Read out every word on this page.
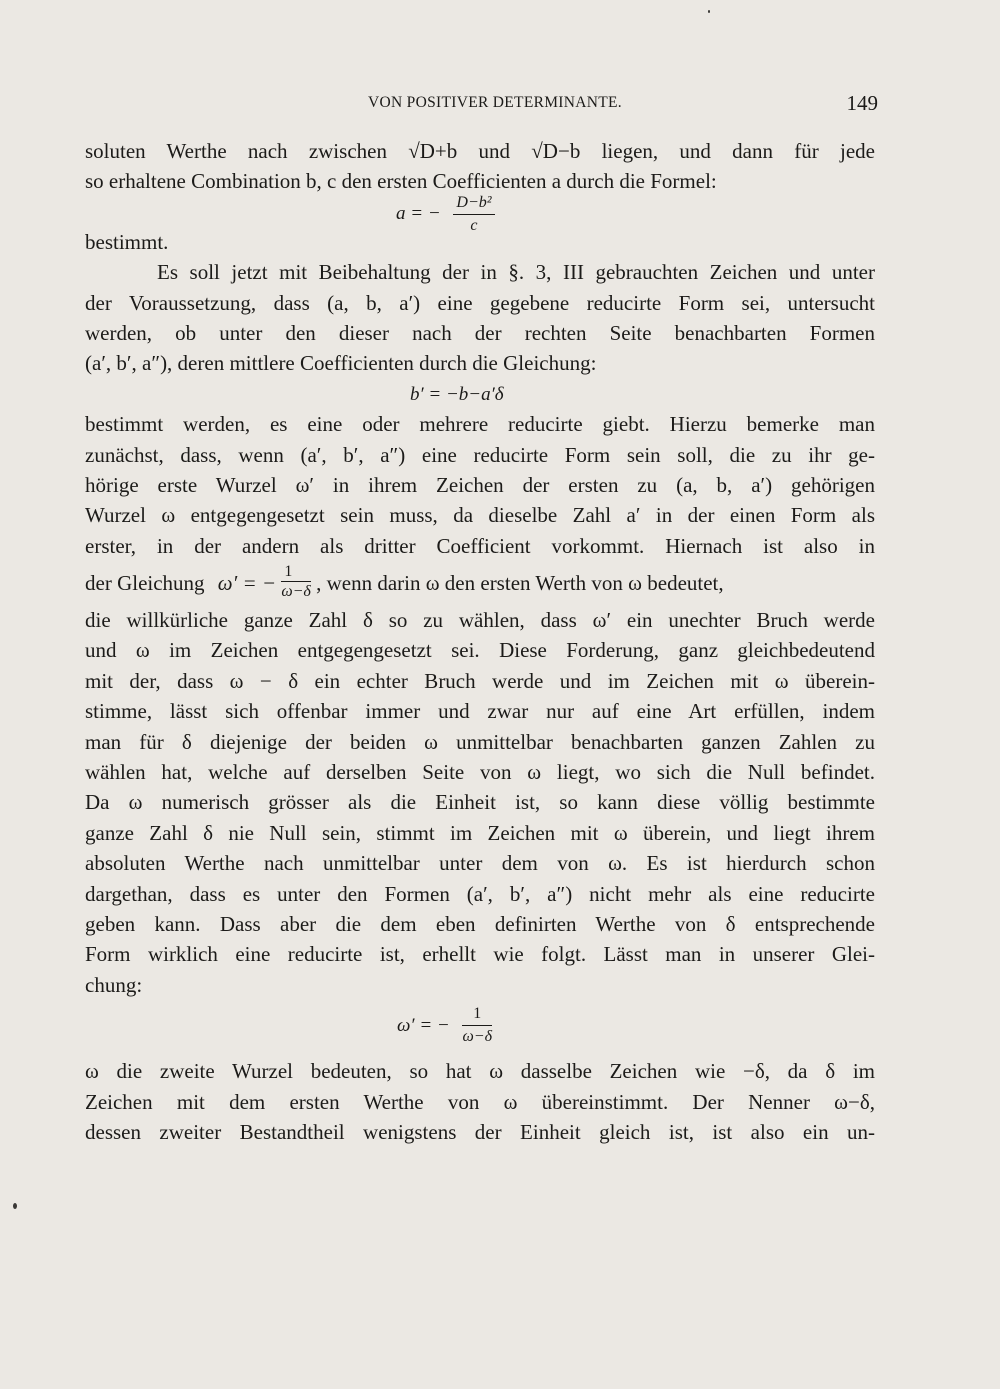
VON POSITIVER DETERMINANTE.	149
soluten Werthe nach zwischen √D+b und √D−b liegen, und dann für jede
so erhaltene Combination b, c den ersten Coefficienten a durch die Formel:
a = − $\frac{\text{D−b²}}{c}$
bestimmt.
Es soll jetzt mit Beibehaltung der in §. 3, III gebrauchten Zeichen und unter
der Voraussetzung, dass (a, b, a′) eine gegebene reducirte Form sei, untersucht
werden, ob unter den dieser nach der rechten Seite benachbarten Formen
(a′, b′, a″), deren mittlere Coefficienten durch die Gleichung:
b′ = −b−a′δ
bestimmt werden, es eine oder mehrere reducirte giebt. Hierzu bemerke man
zunächst, dass, wenn (a′, b′, a″) eine reducirte Form sein soll, die zu ihr ge-
hörige erste Wurzel ω′ in ihrem Zeichen der ersten zu (a, b, a′) gehörigen
Wurzel ω entgegengesetzt sein muss, da dieselbe Zahl a′ in der einen Form als
erster, in der andern als dritter Coefficient vorkommt. Hiernach ist also in
der Gleichung ω′ = − $\frac{1}{\omega-\delta}$ , wenn darin ω den ersten Werth von ω bedeutet,
die willkürliche ganze Zahl δ so zu wählen, dass ω′ ein unechter Bruch werde
und ω im Zeichen entgegengesetzt sei. Diese Forderung, ganz gleichbedeutend
mit der, dass ω − δ ein echter Bruch werde und im Zeichen mit ω überein-
stimme, lässt sich offenbar immer und zwar nur auf eine Art erfüllen, indem
man für δ diejenige der beiden ω unmittelbar benachbarten ganzen Zahlen zu
wählen hat, welche auf derselben Seite von ω liegt, wo sich die Null befindet.
Da ω numerisch grösser als die Einheit ist, so kann diese völlig bestimmte
ganze Zahl δ nie Null sein, stimmt im Zeichen mit ω überein, und liegt ihrem
absoluten Werthe nach unmittelbar unter dem von ω. Es ist hierdurch schon
dargethan, dass es unter den Formen (a′, b′, a″) nicht mehr als eine reducirte
geben kann. Dass aber die dem eben definirten Werthe von δ entsprechende
Form wirklich eine reducirte ist, erhellt wie folgt. Lässt man in unserer Glei-
chung:
ω′ = − $\frac{1}{\omega-\delta}$
ω die zweite Wurzel bedeuten, so hat ω dasselbe Zeichen wie −δ, da δ im
Zeichen mit dem ersten Werthe von ω übereinstimmt. Der Nenner ω−δ,
dessen zweiter Bestandtheil wenigstens der Einheit gleich ist, ist also ein un-
